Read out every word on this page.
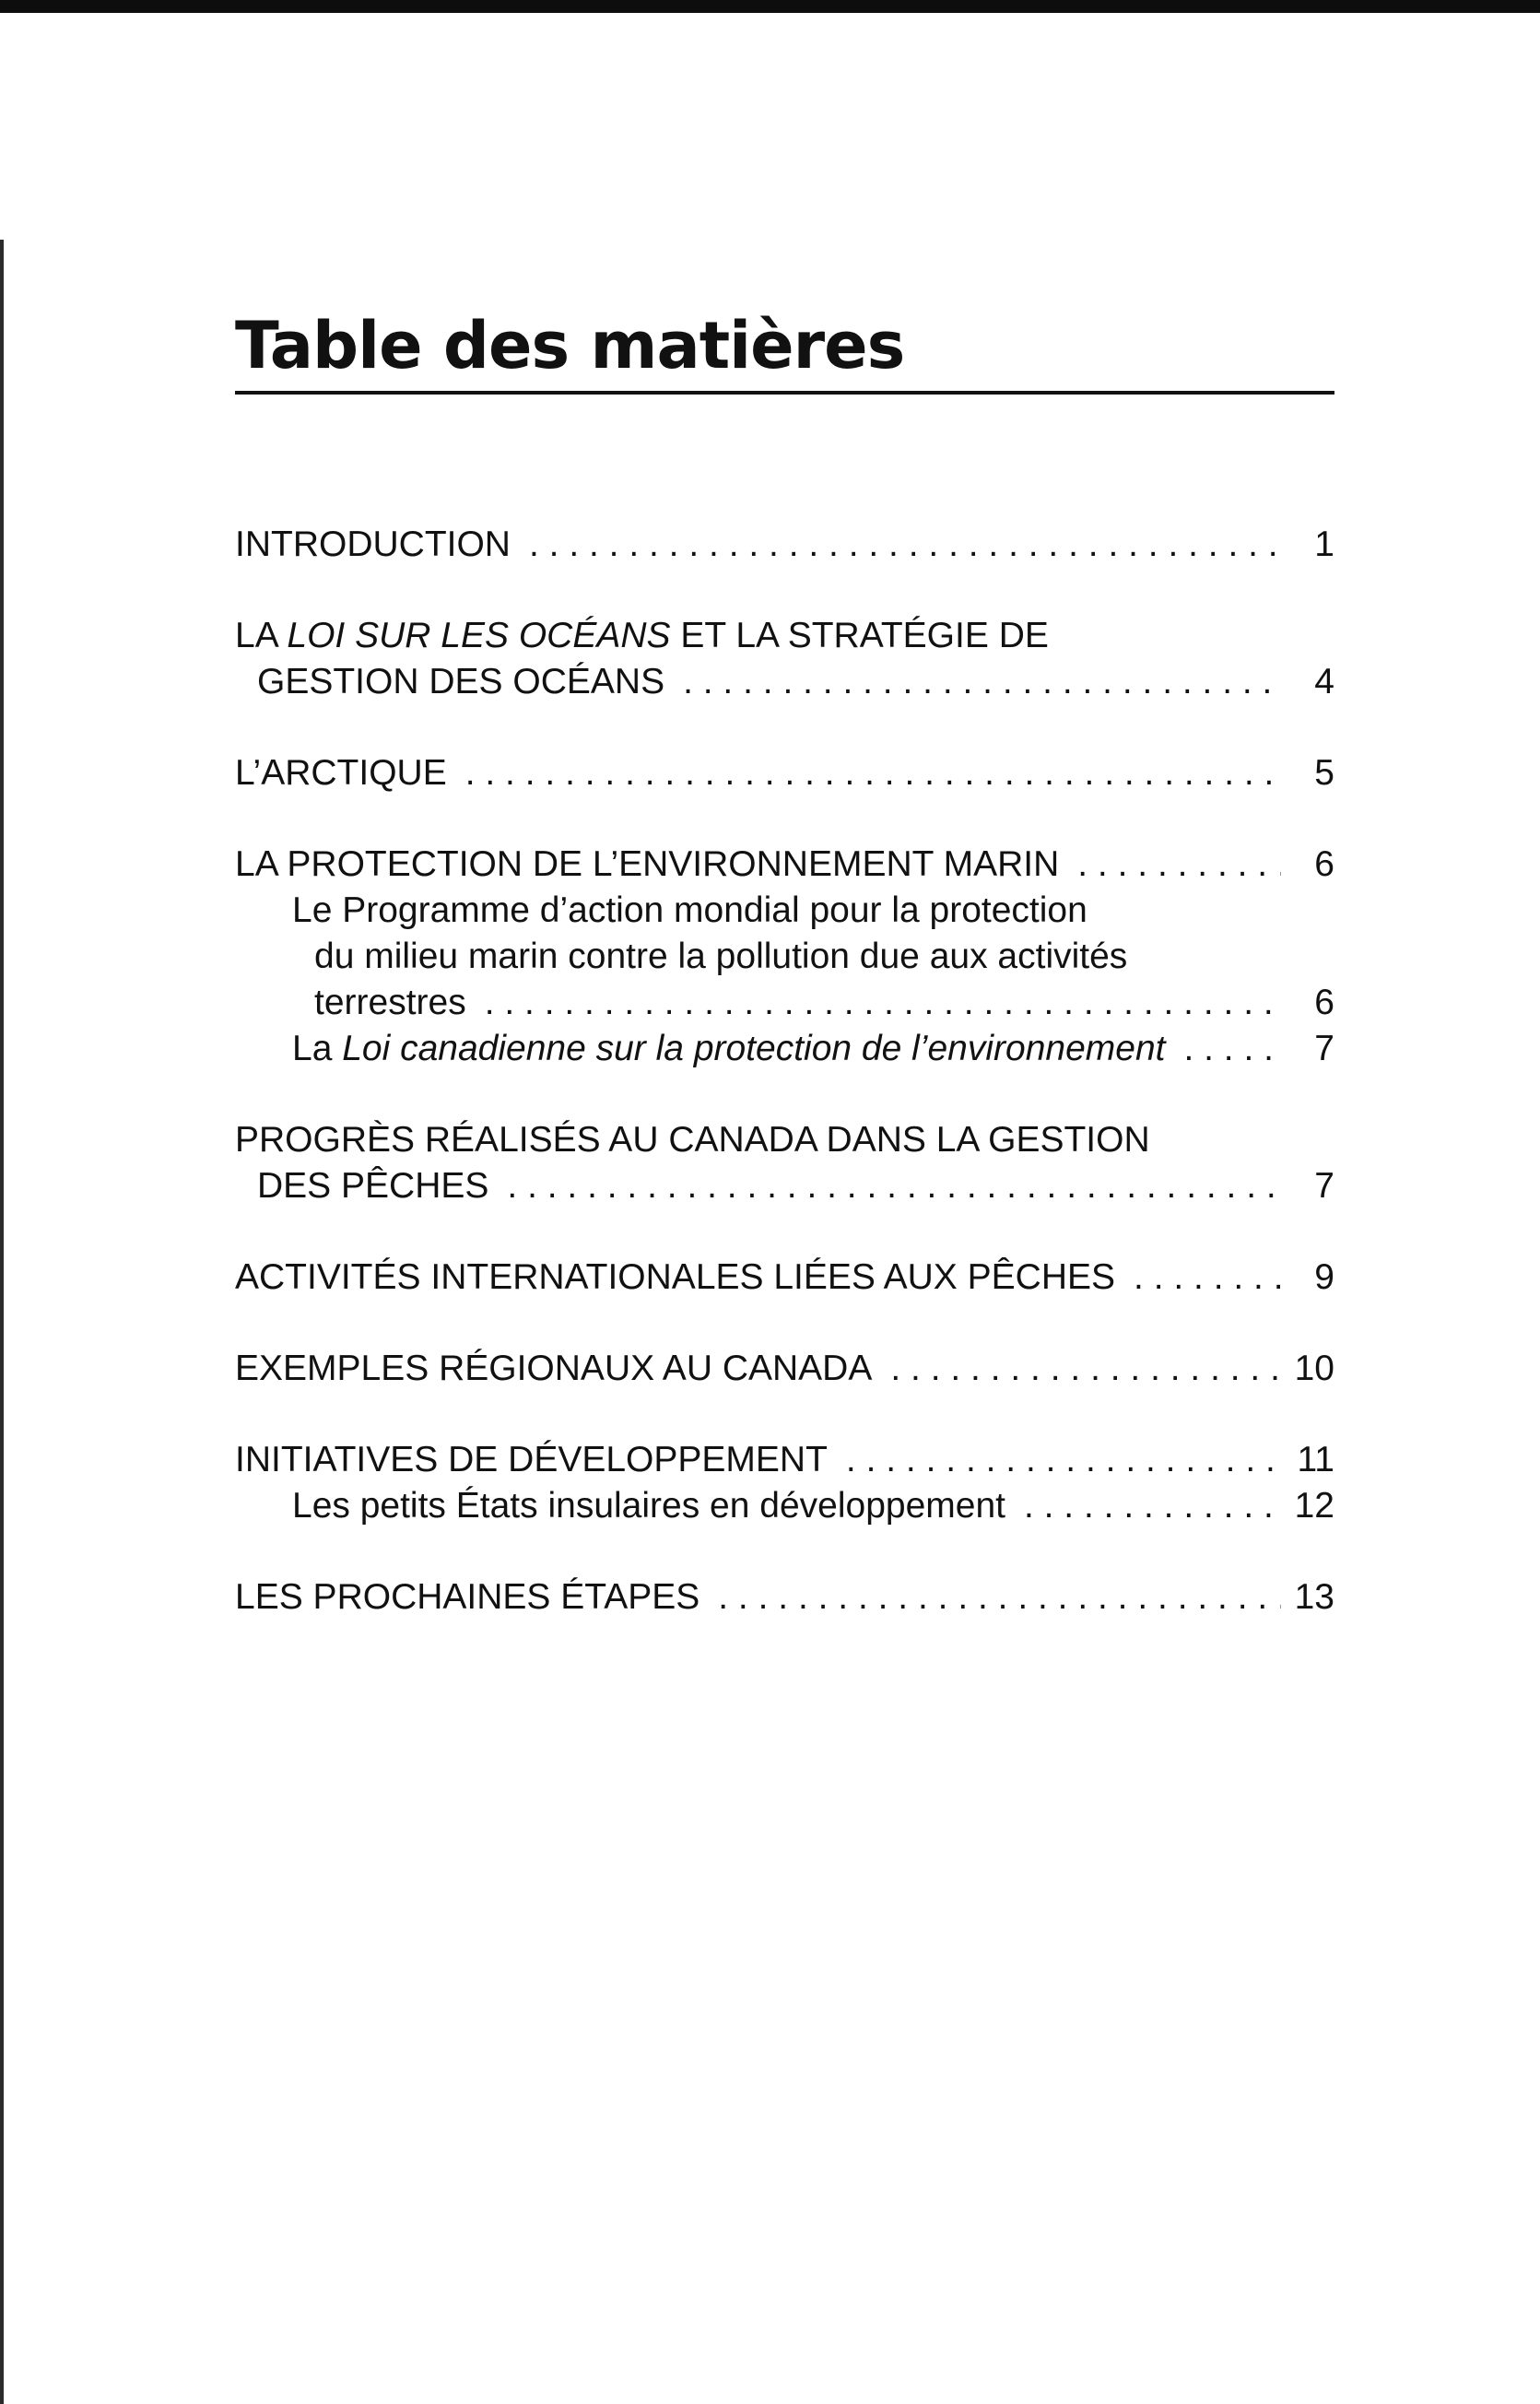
Table des matières
INTRODUCTION . . .	1
LA LOI SUR LES OCÉANS ET LA STRATÉGIE DE
GESTION DES OCÉANS . . .	4
L’ARCTIQUE . . .	5
LA PROTECTION DE L’ENVIRONNEMENT MARIN . . .	6
Le Programme d’action mondial pour la protection
du milieu marin contre la pollution due aux activités
terrestres . . .	6
La Loi canadienne sur la protection de l’environnement . . .	7
PROGRÈS RÉALISÉS AU CANADA DANS LA GESTION
DES PÊCHES . . .	7
ACTIVITÉS INTERNATIONALES LIÉES AUX PÊCHES . . .	9
EXEMPLES RÉGIONAUX AU CANADA . . .	10
INITIATIVES DE DÉVELOPPEMENT . . .	11
Les petits États insulaires en développement . . .	12
LES PROCHAINES ÉTAPES . . .	13
